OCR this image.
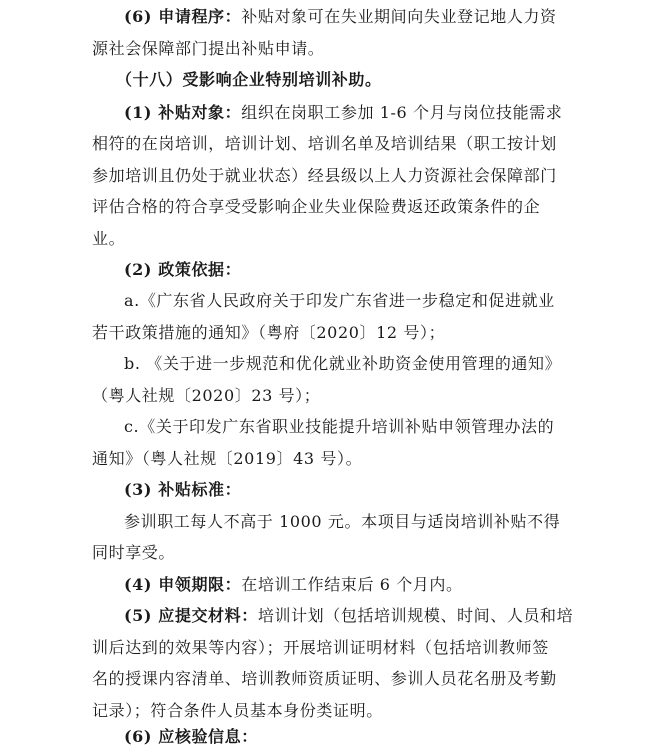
(6) 申请程序：补贴对象可在失业期间向失业登记地人力资
源社会保障部门提出补贴申请。
（十八）受影响企业特别培训补助。
(1) 补贴对象：组织在岗职工参加 1-6 个月与岗位技能需求
相符的在岗培训，培训计划、培训名单及培训结果（职工按计划
参加培训且仍处于就业状态）经县级以上人力资源社会保障部门
评估合格的符合享受受影响企业失业保险费返还政策条件的企
业。
(2) 政策依据：
a.《广东省人民政府关于印发广东省进一步稳定和促进就业
若干政策措施的通知》（粤府〔2020〕12 号）；
b. 《关于进一步规范和优化就业补助资金使用管理的通知》
（粤人社规〔2020〕23 号）；
c.《关于印发广东省职业技能提升培训补贴申领管理办法的
通知》（粤人社规〔2019〕43 号）。
(3) 补贴标准：
参训职工每人不高于 1000 元。本项目与适岗培训补贴不得
同时享受。
(4) 申领期限：在培训工作结束后 6 个月内。
(5) 应提交材料：培训计划（包括培训规模、时间、人员和培
训后达到的效果等内容）；开展培训证明材料（包括培训教师签
名的授课内容清单、培训教师资质证明、参训人员花名册及考勤
记录）；符合条件人员基本身份类证明。
(6) 应核验信息：
